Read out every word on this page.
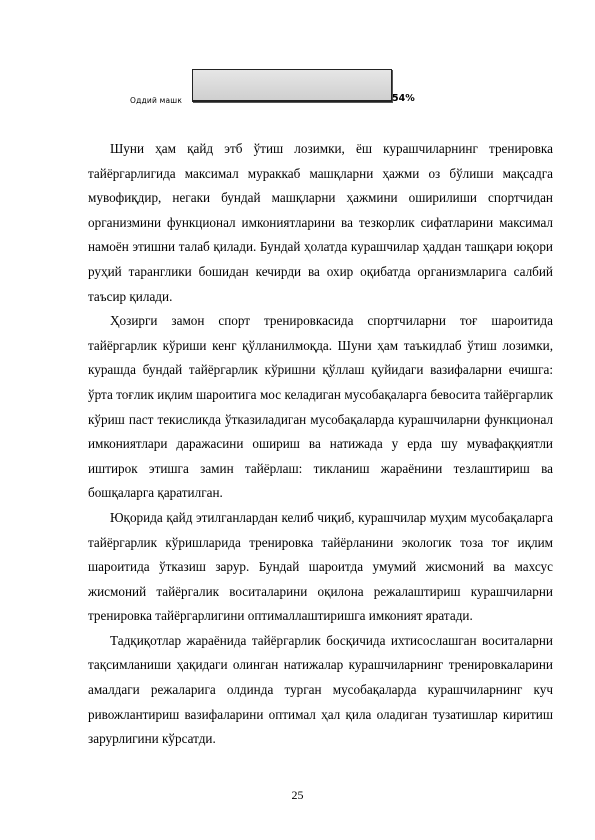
Оддий машк	54%

Шуни ҳам қайд этб ўтиш лозимки, ёш курашчиларнинг тренировка тайёргарлигида максимал мураккаб машқларни ҳажми оз бўлиши мақсадга мувофиқдир, негаки бундай машқларни ҳажмини оширилиши спортчидан организмини функционал имкониятларини ва тезкорлик сифатларини максимал намоён этишни талаб қилади. Бундай ҳолатда курашчилар ҳаддан ташқари юқори руҳий таранглики бошидан кечирди ва охир оқибатда организмларига салбий таъсир қилади.

Ҳозирги замон спорт тренировкасида спортчиларни тоғ шароитида тайёргарлик кўриши кенг қўлланилмоқда. Шуни ҳам таъкидлаб ўтиш лозимки, курашда бундай тайёргарлик кўришни қўллаш қуйидаги вазифаларни ечишга: ўрта тоғлик иқлим шароитига мос келадиган мусобақаларга бевосита тайёргарлик кўриш паст текисликда ўтказиладиган мусобақаларда курашчиларни функционал имкониятлари даражасини ошириш ва натижада у ерда шу мувафаққиятли иштирок этишга замин тайёрлаш: тикланиш жараёнини тезлаштириш ва бошқаларга қаратилган.

Юқорида қайд этилганлардан келиб чиқиб, курашчилар муҳим мусобақаларга тайёргарлик кўришларида тренировка тайёрланини экологик тоза тоғ иқлим шароитида ўтказиш зарур. Бундай шароитда умумий жисмоний ва махсус жисмоний тайёргалик воситаларини оқилона режалаштириш курашчиларни тренировка тайёргарлигини оптималлаштиришга имконият яратади.

Тадқиқотлар жараёнида тайёргарлик босқичида ихтисослашган воситаларни тақсимланиши ҳақидаги олинган натижалар курашчиларнинг тренировкаларини амалдаги режаларига олдинда турган мусобақаларда курашчиларнинг куч ривожлантириш вазифаларини оптимал ҳал қила оладиган тузатишлар киритиш зарурлигини кўрсатди.

25
